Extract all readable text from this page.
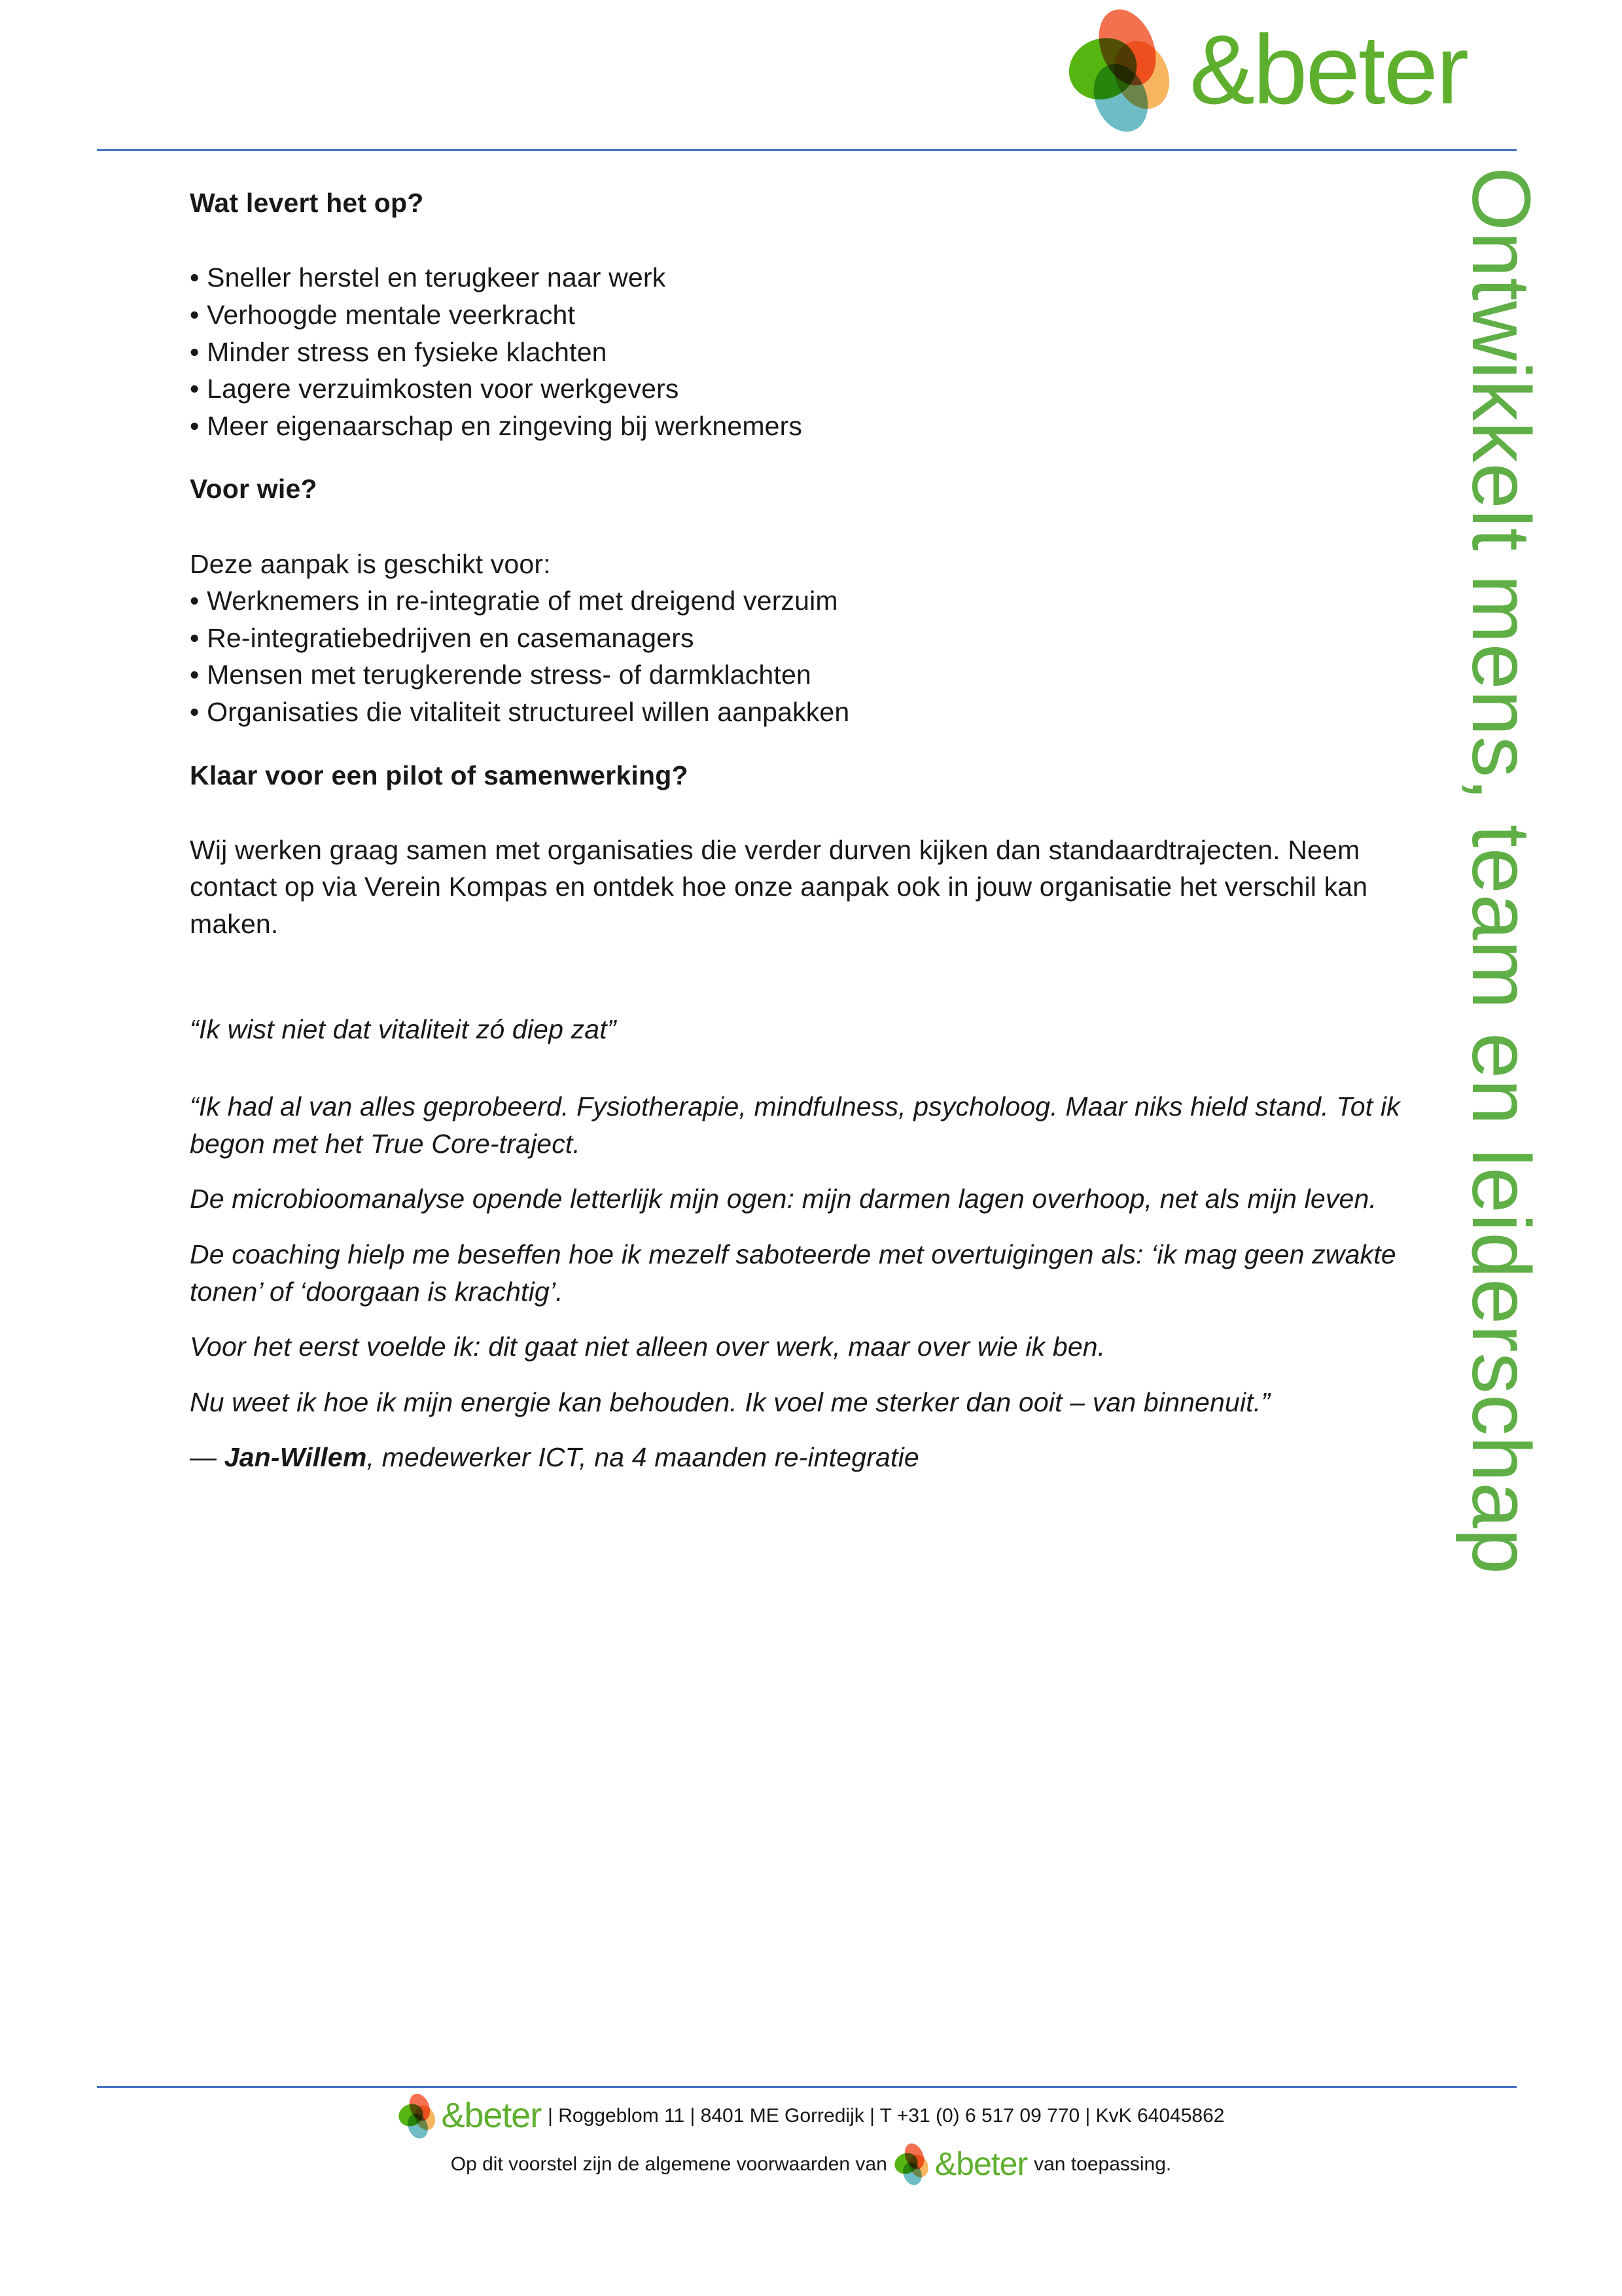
&beter
Ontwikkelt mens, team en leiderschap
Wat levert het op?

• Sneller herstel en terugkeer naar werk

• Verhoogde mentale veerkracht

• Minder stress en fysieke klachten

• Lagere verzuimkosten voor werkgevers

• Meer eigenaarschap en zingeving bij werknemers

Voor wie?

Deze aanpak is geschikt voor:

• Werknemers in re-integratie of met dreigend verzuim

• Re-integratiebedrijven en casemanagers

• Mensen met terugkerende stress- of darmklachten

• Organisaties die vitaliteit structureel willen aanpakken

Klaar voor een pilot of samenwerking?

Wij werken graag samen met organisaties die verder durven kijken dan standaardtrajecten. Neem contact op via Verein Kompas en ontdek hoe onze aanpak ook in jouw organisatie het verschil kan maken.

“Ik wist niet dat vitaliteit zó diep zat”

“Ik had al van alles geprobeerd. Fysiotherapie, mindfulness, psycholoog. Maar niks hield stand. Tot ik begon met het True Core-traject.

De microbioomanalyse opende letterlijk mijn ogen: mijn darmen lagen overhoop, net als mijn leven.

De coaching hielp me beseffen hoe ik mezelf saboteerde met overtuigingen als: ‘ik mag geen zwakte tonen’ of ‘doorgaan is krachtig’.

Voor het eerst voelde ik: dit gaat niet alleen over werk, maar over wie ik ben.

Nu weet ik hoe ik mijn energie kan behouden. Ik voel me sterker dan ooit – van binnenuit.”

— Jan-Willem, medewerker ICT, na 4 maanden re-integratie

&beter | Roggeblom 11 | 8401 ME Gorredijk | T +31 (0) 6 517 09 770 | KvK 64045862
Op dit voorstel zijn de algemene voorwaarden van &beter van toepassing.
